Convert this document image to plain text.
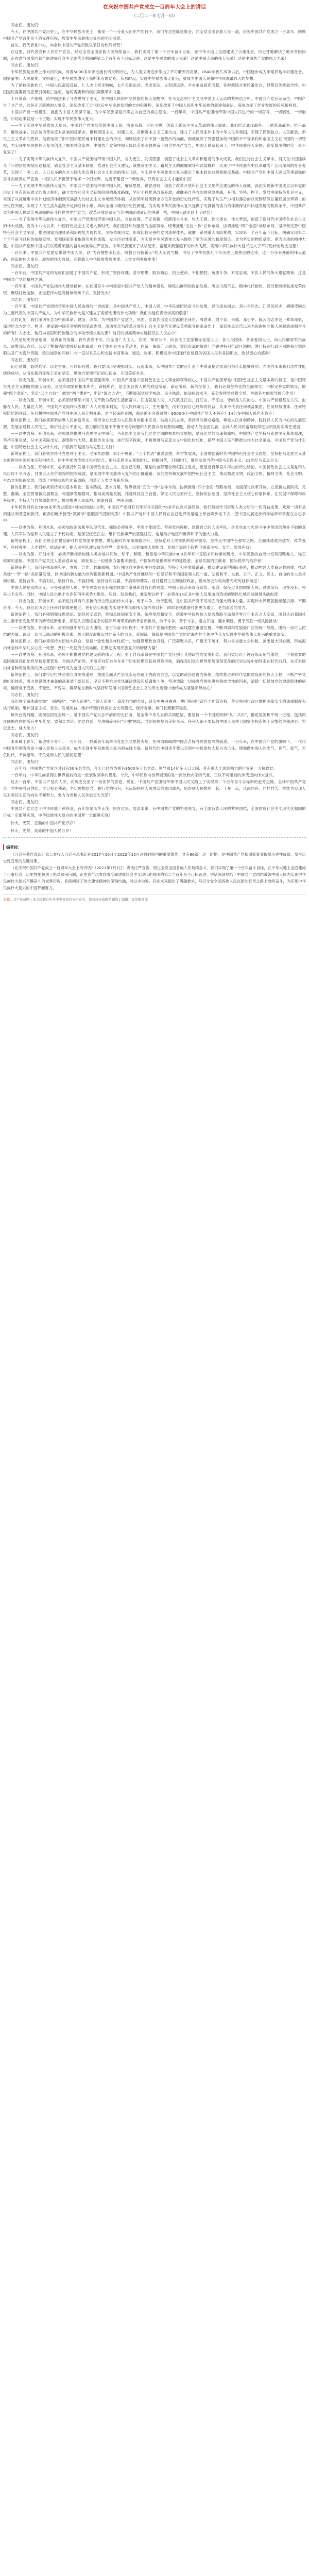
在庆祝中国共产党成立一百周年大会上的讲话
（二〇二一年七月一日）

同志们，朋友们：

今天，在中国共产党历史上，在中华民族历史上，都是一个十分重大而庄严的日子。我们在这里隆重集会，同全党全国各族人民一道，庆祝中国共产党成立一百周年，回顾中国共产党百年奋斗的光辉历程，展望中华民族伟大复兴的光明前景。

首先，我代表党中央，向全体中国共产党员致以节日的热烈祝贺！

在这里，我代表党和人民庄严宣告，经过全党全国各族人民持续奋斗，我们实现了第一个百年奋斗目标，在中华大地上全面建成了小康社会，历史性地解决了绝对贫困问题，正在意气风发向着全面建成社会主义现代化强国的第二个百年奋斗目标迈进。这是中华民族的伟大光荣！这是中国人民的伟大光荣！这是中国共产党的伟大光荣！

同志们、朋友们！

中华民族是世界上伟大的民族，有着5000多年源远流长的文明历史，为人类文明进步作出了不可磨灭的贡献。1840年鸦片战争以后，中国逐步成为半殖民地半封建社会，国家蒙辱、人民蒙难、文明蒙尘，中华民族遭受了前所未有的劫难。从那时起，实现中华民族伟大复兴，就成为中国人民和中华民族最伟大的梦想。

为了拯救民族危亡，中国人民奋起反抗，仁人志士奔走呐喊，太平天国运动、戊戌变法、义和团运动、辛亥革命接连而起，各种救国方案轮番出台，但都以失败而告终。中国迫切需要新的思想引领救亡运动，迫切需要新的组织凝聚革命力量。

十月革命一声炮响，给中国送来了马克思列宁主义。在中国人民和中华民族的伟大觉醒中，在马克思列宁主义同中国工人运动的紧密结合中，中国共产党应运而生。中国产生了共产党，这是开天辟地的大事变，深刻改变了近代以后中华民族发展的方向和进程，深刻改变了中国人民和中华民族的前途和命运，深刻改变了世界发展的趋势和格局。

中国共产党一经诞生，就把为中国人民谋幸福、为中华民族谋复兴确立为自己的初心使命。一百年来，中国共产党团结带领中国人民进行的一切奋斗、一切牺牲、一切创造，归结起来就是一个主题：实现中华民族伟大复兴。

——为了实现中华民族伟大复兴，中国共产党团结带领中国人民，浴血奋战、百折不挠，创造了新民主主义革命的伟大成就。我们经过北伐战争、土地革命战争、抗日战争、解放战争，以武装的革命反对武装的反革命，推翻帝国主义、封建主义、官僚资本主义三座大山，建立了人民当家作主的中华人民共和国，实现了民族独立、人民解放。新民主主义革命的胜利，彻底结束了旧中国半殖民地半封建社会的历史，彻底结束了旧中国一盘散沙的局面，彻底废除了列强强加给中国的不平等条约和帝国主义在中国的一切特权，为实现中华民族伟大复兴创造了根本社会条件。中国共产党和中国人民以英勇顽强的奋斗向世界庄严宣告，中国人民站起来了，中华民族任人宰割、饱受欺凌的时代一去不复返了！

——为了实现中华民族伟大复兴，中国共产党团结带领中国人民，自力更生、发愤图强，创造了社会主义革命和建设的伟大成就。我们进行社会主义革命，消灭在中国延续几千年的封建剥削压迫制度，确立社会主义基本制度，推进社会主义建设，战胜帝国主义、霸权主义的颠覆破坏和武装挑衅，实现了中华民族有史以来最为广泛而深刻的社会变革，实现了一穷二白、人口众多的东方大国大步迈进社会主义社会的伟大飞跃，为实现中华民族伟大复兴奠定了根本政治前提和制度基础。中国共产党和中国人民以英勇顽强的奋斗向世界庄严宣告，中国人民不但善于破坏一个旧世界、也善于建设一个新世界，只有社会主义才能救中国！

——为了实现中华民族伟大复兴，中国共产党团结带领中国人民，解放思想、锐意进取，创造了改革开放和社会主义现代化建设的伟大成就。我们实现新中国成立以来党的历史上具有深远意义的伟大转折，确立党在社会主义初级阶段的基本路线，坚定不移推进改革开放，战胜来自各方面的风险挑战，开创、坚持、捍卫、发展中国特色社会主义，实现了从高度集中的计划经济体制到充满活力的社会主义市场经济体制、从封闭半封闭到全方位开放的历史性转变，实现了从生产力相对落后的状况到经济总量跃居世界第二的历史性突破，实现了人民生活从温饱不足到总体小康、奔向全面小康的历史性跨越，为实现中华民族伟大复兴提供了充满新的活力的体制保证和快速发展的物质条件。中国共产党和中国人民以英勇顽强的奋斗向世界庄严宣告，改革开放是决定当代中国前途命运的关键一招，中国大踏步赶上了时代！

——为了实现中华民族伟大复兴，中国共产党团结带领中国人民，自信自强、守正创新，统揽伟大斗争、伟大工程、伟大事业、伟大梦想，创造了新时代中国特色社会主义的伟大成就。党的十八大以来，中国特色社会主义进入新时代，我们坚持和加强党的全面领导，统筹推进“五位一体”总体布局、协调推进“四个全面”战略布局，坚持和完善中国特色社会主义制度、推进国家治理体系和治理能力现代化，坚持依规治党、形成比较完善的党内法规体系，战胜一系列重大风险挑战，实现第一个百年奋斗目标，明确实现第二个百年奋斗目标的战略安排，党和国家事业取得历史性成就、发生历史性变革，为实现中华民族伟大复兴提供了更为完善的制度保证、更为坚实的物质基础、更为主动的精神力量。中国共产党和中国人民以英勇顽强的奋斗向世界庄严宣告，中华民族迎来了从站起来、富起来到强起来的伟大飞跃，实现中华民族伟大复兴进入了不可逆转的历史进程！

一百年来，中国共产党团结带领中国人民，以“为有牺牲多壮志，敢教日月换新天”的大无畏气概，书写了中华民族几千年历史上最恢宏的史诗。这一百年来开辟的伟大道路、创造的伟大事业、取得的伟大成就，必将载入中华民族发展史册、人类文明发展史册！

同志们、朋友们！

一百年前，中国共产党的先驱们创建了中国共产党，形成了坚持真理、坚守理想，践行初心、担当使命，不怕牺牲、英勇斗争，对党忠诚、不负人民的伟大建党精神，这是中国共产党的精神之源。

一百年来，中国共产党弘扬伟大建党精神，在长期奋斗中构建起中国共产党人的精神谱系，锤炼出鲜明的政治品格。历史川流不息，精神代代相传。我们要继续弘扬光荣传统、赓续红色血脉，永远把伟大建党精神继承下去、发扬光大！

同志们、朋友们！

一百年来，中国共产党团结带领中国人民取得的一切成就，是中国共产党人、中国人民、中华民族团结奋斗的结果。以毛泽东同志、邓小平同志、江泽民同志、胡锦涛同志为主要代表的中国共产党人，为中华民族伟大复兴建立了彪炳史册的伟大功勋！我们向他们表示崇高的敬意！

此时此刻，我们深切怀念为中国革命、建设、改革，为中国共产党建立、巩固、发展作出重大贡献的毛泽东、周恩来、刘少奇、朱德、邓小平、陈云同志等老一辈革命家，深切怀念为建立、捍卫、建设新中国英勇牺牲的革命先烈，深切怀念为改革开放和社会主义现代化建设英勇献身的革命烈士，深切怀念近代以来为民族独立和人民解放顽强奋斗的所有仁人志士。他们为祖国和民族建立的丰功伟绩永载史册！他们的崇高精神永远铭记在人民心中！

人民是历史的创造者，是真正的英雄。我代表党中央，向全国广大工人、农民、知识分子，向各民主党派和无党派人士、各人民团体、各界爱国人士，向人民解放军指战员、武警部队官兵、公安干警和消防救援队伍指战员，向全体社会主义劳动者，向统一战线广大成员，致以崇高的敬意！向香港特别行政区同胞、澳门特别行政区同胞和台湾同胞以及广大海外侨胞，致以诚挚的问候！向一直以来关心和支持中国革命、建设、改革，积极投身中国现代化建设的各国人民和各国朋友，致以衷心的感谢！

同志们、朋友们！

初心易得，始终难守。以史为鉴，可以知兴替。我们要用历史映照现实、远观未来，从中国共产党的百年奋斗中看清楚过去我们为什么能够成功、弄明白未来我们怎样才能继续成功，从而在新的征程上更加坚定、更加自觉地牢记初心使命、开创美好未来。

——以史为鉴、开创未来，必须坚持中国共产党坚强领导。中国共产党是中国特色社会主义事业的领导核心，中国共产党领导是中国特色社会主义最本质的特征，是中国特色社会主义制度的最大优势，是党和国家的根本所在、命脉所在，是全国各族人民的利益所系、命运所系。新的征程上，我们必须坚持党的全面领导，不断完善党的领导，增强“四个意识”、坚定“四个自信”、做到“两个维护”，牢记“国之大者”，不断提高党科学执政、民主执政、依法执政水平，充分发挥党总揽全局、协调各方的领导核心作用！

——以史为鉴、开创未来，必须团结带领中国人民不断为美好生活而奋斗。江山就是人民、人民就是江山，打江山、守江山，守的是人民的心。中国共产党根基在人民、血脉在人民、力量在人民。中国共产党始终代表最广大人民根本利益，与人民休戚与共、生死相依，没有任何自己特殊的利益，从来不代表任何利益集团、任何权势团体、任何特权阶层的利益。任何想把中国共产党同中国人民分割开来、对立起来的企图，都是绝不会得逞的！9500多万中国共产党人不答应！14亿多中国人民也不答应！

新的征程上，我们必须紧紧依靠人民创造历史，坚持全心全意为人民服务的根本宗旨，站稳人民立场，坚持党的群众路线，尊重人民首创精神，践行以人民为中心的发展思想，发展全过程人民民主，维护社会公平正义，着力解决发展不平衡不充分问题和人民群众急难愁盼问题，推动人的全面发展、全体人民共同富裕取得更为明显的实质性进展！

——以史为鉴、开创未来，必须继续推进马克思主义中国化。马克思主义是我们立党立国的根本指导思想，是我们党的灵魂和旗帜。中国共产党坚持马克思主义基本原理，坚持实事求是，从中国实际出发，洞察时代大势，把握历史主动，进行艰辛探索，不断推进马克思主义中国化时代化，指导中国人民不断推进伟大社会革命。中国共产党为什么能，中国特色社会主义为什么好，归根到底是因为马克思主义行！

新的征程上，我们必须坚持马克思列宁主义、毛泽东思想、邓小平理论、“三个代表”重要思想、科学发展观，全面贯彻新时代中国特色社会主义思想，坚持把马克思主义基本原理同中国具体实际相结合、同中华优秀传统文化相结合，用马克思主义观察时代、把握时代、引领时代，继续发展当代中国马克思主义、21世纪马克思主义！

——以史为鉴、开创未来，必须坚持和发展中国特色社会主义。走自己的路，是党的全部理论和实践立足点，更是党百年奋斗得出的历史结论。中国特色社会主义是党和人民历经千辛万苦、付出巨大代价取得的根本成就，是实现中华民族伟大复兴的正确道路。我们坚持和发展中国特色社会主义，推动物质文明、政治文明、精神文明、社会文明、生态文明协调发展，创造了中国式现代化新道路，创造了人类文明新形态。

新的征程上，我们必须坚持党的基本理论、基本路线、基本方略，统筹推进“五位一体”总体布局、协调推进“四个全面”战略布局，全面深化改革开放，立足新发展阶段，完整、准确、全面贯彻新发展理念，构建新发展格局，推动高质量发展，推进科技自立自强，保证人民当家作主，坚持依法治国，坚持社会主义核心价值体系，在发展中保障和改善民生，坚持人与自然和谐共生，协同推进人民富裕、国家强盛、中国美丽。

中华民族拥有在5000多年历史演进中形成的灿烂文明，中国共产党拥有百年奋斗实践和70多年执政兴国经验，我们积极学习借鉴人类文明的一切有益成果，欢迎一切有益的建议和善意的批评，但我们绝不接受“教师爷”般颐指气使的说教！中国共产党和中国人民将在自己选择的道路上昂首阔步走下去，把中国发展进步的命运牢牢掌握在自己手中！

——以史为鉴、开创未来，必须加快国防和军队现代化。强国必须强军，军强才能国安。坚持党指挥枪、建设自己的人民军队，是党在血与火的斗争中得出的颠扑不破的真理。人民军队为党和人民建立了不朽功勋，是保卫红色江山、维护民族尊严的坚强柱石，也是维护地区和世界和平的强大力量。

新的征程上，我们必须全面贯彻新时代党的强军思想，贯彻新时代军事战略方针，坚持党对人民军队的绝对领导，坚持走中国特色强军之路，全面推进政治建军、改革强军、科技强军、人才强军、依法治军，把人民军队建设成为世界一流军队，以更加强大的能力、更加可靠的手段捍卫国家主权、安全、发展利益！

——以史为鉴、开创未来，必须不断推动构建人类命运共同体。和平、和睦、和谐是中华民族5000多年来一直追求和传承的理念，中华民族的血液中没有侵略他人、称王称霸的基因。中国共产党关注人类前途命运，同世界上一切进步力量携手前进，中国始终是世界和平的建设者、全球发展的贡献者、国际秩序的维护者！

新的征程上，我们必须高举和平、发展、合作、共赢旗帜，奉行独立自主的和平外交政策，坚持走和平发展道路，推动建设新型国际关系，推动构建人类命运共同体，推动共建“一带一路”高质量发展，以中国的新发展为世界提供新机遇。中国共产党将继续同一切爱好和平的国家和人民一道，弘扬和平、发展、公平、正义、民主、自由的全人类共同价值，坚持合作、不搞对抗，坚持开放、不搞封闭，坚持互利共赢、不搞零和博弈，反对霸权主义和强权政治，推动历史车轮向着光明的目标前进！

中国人民是崇尚正义、不畏强暴的人民，中华民族是具有强烈民族自豪感和自信心的民族。中国人民从来没有欺负、压迫、奴役过其他国家人民，过去没有，现在没有，将来也不会有。同时，中国人民也绝不允许任何外来势力欺负、压迫、奴役我们，谁妄想这样干，必将在14亿多中国人民用血肉筑成的钢铁长城面前碰得头破血流！

——以史为鉴、开创未来，必须进行具有许多新的历史特点的伟大斗争。敢于斗争、敢于胜利，是中国共产党不可战胜的强大精神力量。实现伟大梦想就要顽强拼搏、不懈奋斗。今天，我们比历史上任何时期都更接近、更有信心和能力实现中华民族伟大复兴的目标，同时必须准备付出更为艰巨、更为艰苦的努力。

新的征程上，我们必须增强忧患意识、始终居安思危，贯彻总体国家安全观，统筹发展和安全，统筹中华民族伟大复兴战略全局和世界百年未有之大变局，深刻认识我国社会主要矛盾变化带来的新特征新要求，深刻认识错综复杂的国际环境带来的新矛盾新挑战，敢于斗争，善于斗争，逢山开道、遇水架桥，勇于战胜一切风险挑战！

——以史为鉴、开创未来，必须加强中华儿女大团结。在百年奋斗历程中，中国共产党始终把统一战线摆在重要位置，不断巩固和发展最广泛的统一战线，团结一切可以团结的力量、调动一切可以调动的积极因素，最大限度凝聚起共同奋斗的力量。爱国统一战线是中国共产党团结海内外全体中华儿女实现中华民族伟大复兴的重要法宝。

新的征程上，我们必须坚持大团结大联合，坚持一致性和多样性统一，加强思想政治引领，广泛凝聚共识，广聚天下英才，努力寻求最大公约数、画出最大同心圆，形成海内外全体中华儿女心往一处想、劲往一处使的生动局面，汇聚起实现民族复兴的磅礴力量！

——以史为鉴、开创未来，必须不断推进党的建设新的伟大工程。勇于自我革命是中国共产党区别于其他政党的显著标志。我们党历经千锤百炼而朝气蓬勃，一个很重要的原因就是我们始终坚持党要管党、全面从严治党，不断应对好自身在各个历史时期面临的风险考验，确保我们党在世界形势深刻变化的历史进程中始终走在时代前列，在应对国内外各种风险挑战的历史进程中始终成为全国人民的主心骨！

新的征程上，我们要牢记打铁必须自身硬的道理，增强全面从严治党永远在路上的政治自觉，以党的政治建设为统领，继续推进新时代党的建设新的伟大工程，不断严密党的组织体系，着力建设德才兼备的高素质干部队伍，坚定不移推进党风廉政建设和反腐败斗争，坚决清除一切损害党的先进性和纯洁性的因素，清除一切侵蚀党的健康肌体的病毒，确保党不变质、不变色、不变味，确保党在新时代坚持和发展中国特色社会主义的历史进程中始终成为坚强领导核心！

同志们、朋友们！

我们将全面准确贯彻“一国两制”、“港人治港”、“澳人治澳”、高度自治的方针，落实中央对香港、澳门特别行政区全面管治权，落实特别行政区维护国家安全的法律制度和执行机制，维护国家主权、安全、发展利益，维护特别行政区社会大局稳定，保持香港、澳门长期繁荣稳定。

解决台湾问题、实现祖国完全统一，是中国共产党矢志不渝的历史任务，是全体中华儿女的共同愿望。要坚持一个中国原则和“九二共识”，推进祖国和平统一进程。包括两岸同胞在内的所有中华儿女，要和衷共济、团结向前，坚决粉碎任何“台独”图谋，共创民族复兴美好未来。任何人都不要低估中国人民捍卫国家主权和领土完整的坚强决心、坚定意志、强大能力！

同志们、朋友们！

未来属于青年，希望寄予青年。一百年前，一群新青年高举马克思主义思想火炬，在风雨如晦的中国苦苦探寻民族复兴的前途。一百年来，在中国共产党的旗帜下，一代代中国青年把青春奋斗融入党和人民事业，成为实现中华民族伟大复兴的先锋力量。新时代的中国青年要以实现中华民族伟大复兴为己任，增强做中国人的志气、骨气、底气，不负时代，不负韶华，不负党和人民的殷切期望！

同志们、朋友们！

一百年前，中国共产党成立时只有50多名党员，今天已经成为拥有9500多万名党员、领导着14亿多人口大国、具有重大全球影响力的世界第一大执政党。

一百年前，中华民族呈现在世界面前的是一派衰败凋零的景象。今天，中华民族向世界展现的是一派欣欣向荣的气象，正以不可阻挡的步伐迈向伟大复兴。

过去一百年，中国共产党向人民、向历史交出了一份优异的答卷。现在，中国共产党团结带领中国人民又踏上了实现第二个百年奋斗目标新的赶考之路。全体中国共产党员！党中央号召你们，牢记初心使命，坚定理想信念，践行党的宗旨，永远保持同人民群众的血肉联系，始终同人民想在一起、干在一起，风雨同舟、同甘共苦，继续为实现人民对美好生活的向往不懈努力，努力为党和人民争取更大光荣！

同志们、朋友们！

中国共产党立志于中华民族千秋伟业，百年恰是风华正茂！回首过去，展望未来，有中国共产党的坚强领导，有全国各族人民的紧密团结，全面建成社会主义现代化强国的目标一定能够实现，中华民族伟大复兴的中国梦一定能够实现！

伟大、光荣、正确的中国共产党万岁！

伟大、光荣、英雄的中国人民万岁！

编者按：

《习近平著作选读》第二卷收入习近平总书记在2017年10月至2022年10月这段时间内的重要著作，共有96篇，这一时期，是中国共产党和国家事业取得历史性成就、发生历史性变革的关键时期。

《在庆祝中国共产党成立一百周年大会上的讲话》（2021年7月1日）讲话庄严宣告，经过全党全国各族人民持续奋斗，我们实现了第一个百年奋斗目标，在中华大地上全面建成了小康社会，历史性地解决了绝对贫困问题，正在意气风发向着全面建成社会主义现代化强国的第二个百年奋斗目标迈进。讲话深刻总结了中国共产党团结带领中国人民为实现中华民族伟大复兴不懈奋斗的光辉历程，系统阐述了伟大建党精神的深刻内涵，对以史为鉴、开创未来提出了明确要求，号召全党全国各族人民在新的赶考之路上继续奋斗，为实现中华民族伟大复兴的中国梦而努力。

来源：共产党员网 | 本文转载自中共中央党校官方公众号，如有侵权请联系删除 | 编辑：宣传教育部
